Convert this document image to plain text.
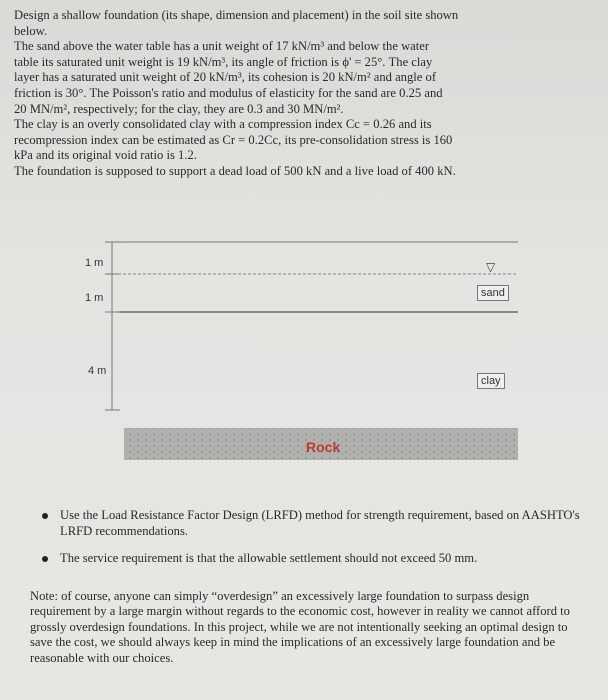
Design a shallow foundation (its shape, dimension and placement) in the soil site shown
below.
The sand above the water table has a unit weight of 17 kN/m³ and below the water
table its saturated unit weight is 19 kN/m³, its angle of friction is ϕ' = 25°. The clay
layer has a saturated unit weight of 20 kN/m³, its cohesion is 20 kN/m² and angle of
friction is 30°. The Poisson's ratio and modulus of elasticity for the sand are 0.25 and
20 MN/m², respectively; for the clay, they are 0.3 and 30 MN/m².
The clay is an overly consolidated clay with a compression index Cc = 0.26 and its
recompression index can be estimated as Cr = 0.2Cc, its pre-consolidation stress is 160
kPa and its original void ratio is 1.2.
The foundation is supposed to support a dead load of 500 kN and a live load of 400 kN.
1 m
1 m
4 m
▽
sand
clay
Rock
Use the Load Resistance Factor Design (LRFD) method for strength requirement, based on AASHTO's LRFD recommendations.
The service requirement is that the allowable settlement should not exceed 50 mm.
Note: of course, anyone can simply “overdesign” an excessively large foundation to surpass design requirement by a large margin without regards to the economic cost, however in reality we cannot afford to grossly overdesign foundations. In this project, while we are not intentionally seeking an optimal design to save the cost, we should always keep in mind the implications of an excessively large foundation and be reasonable with our choices.
